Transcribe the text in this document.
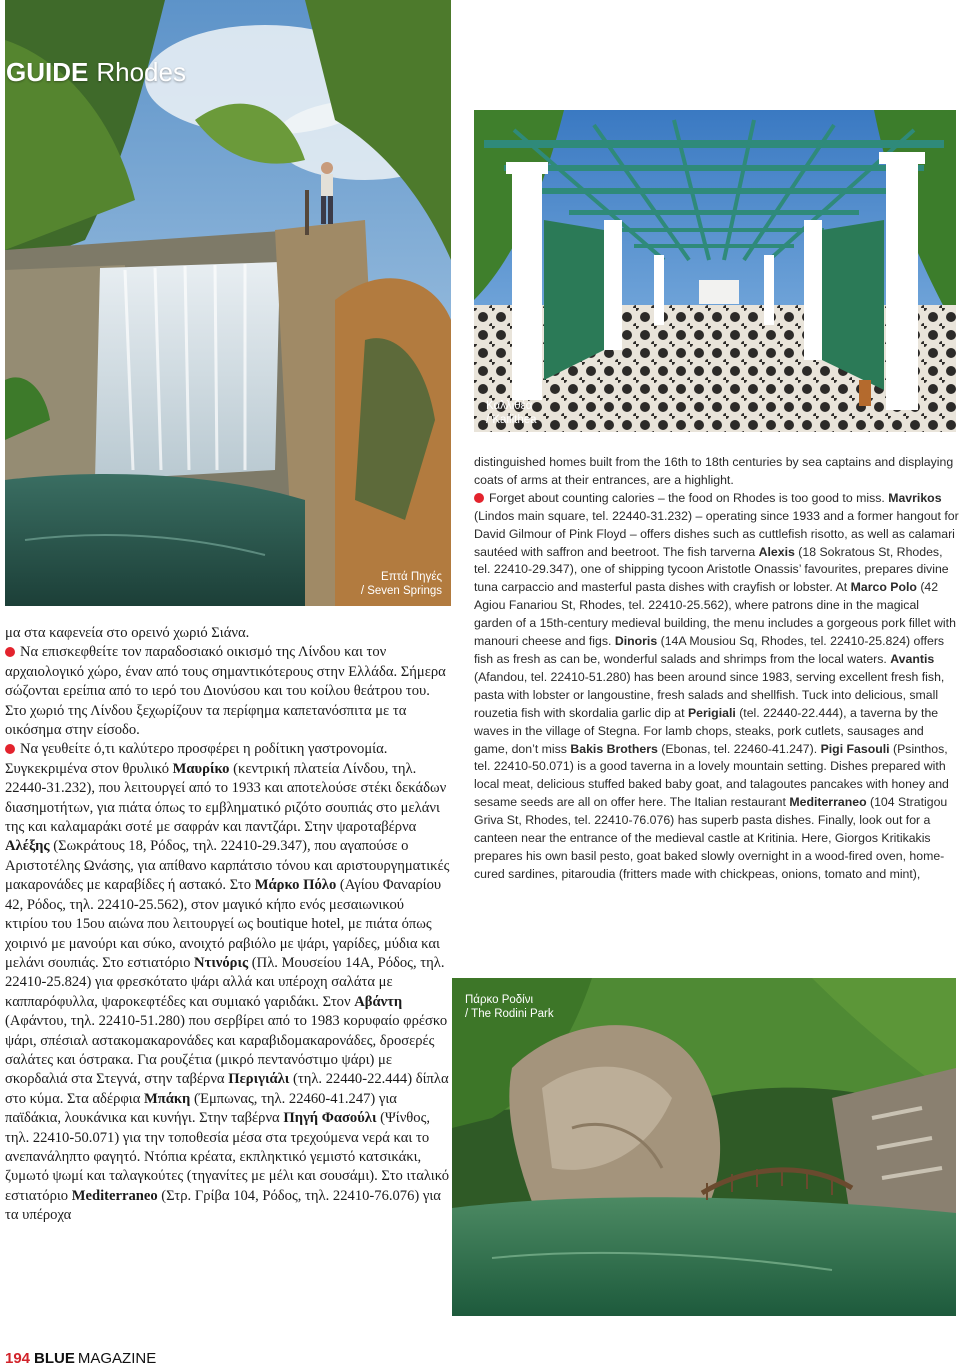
GUIDE Rhodes
Επτά Πηγές
/ Seven Springs
Καλλιθέα
/ Kallithea

μα στα καφενεία στο ορεινό χωριό Σιάνα.

Να επισκεφθείτε τον παραδοσιακό οικισμό της Λίνδου και τον αρχαιολογικό χώρο, έναν από τους σημαντικότερους στην Ελλάδα. Σήμερα σώζονται ερείπια από το ιερό του Διονύσου και του κοίλου θεάτρου του. Στο χωριό της Λίνδου ξεχωρίζουν τα περίφημα καπετανόσπιτα με τα οικόσημα στην είσοδο.

Να γευθείτε ό,τι καλύτερο προσφέρει η ροδίτικη γαστρονομία. Συγκεκριμένα στον θρυλικό Μαυρίκο (κεντρική πλατεία Λίνδου, τηλ. 22440-31.232), που λειτουργεί από το 1933 και αποτελούσε στέκι δεκάδων διασημοτήτων, για πιάτα όπως το εμβληματικό ριζότο σουπιάς στο μελάνι της και καλαμαράκι σοτέ με σαφράν και παντζάρι. Στην ψαροταβέρνα Αλέξης (Σωκράτους 18, Ρόδος, τηλ. 22410-29.347), που αγαπούσε ο Αριστοτέλης Ωνάσης, για απίθανο καρπάτσιο τόνου και αριστουργηματικές μακαρονάδες με καραβίδες ή αστακό. Στο Μάρκο Πόλο (Αγίου Φαναρίου 42, Ρόδος, τηλ. 22410-25.562), στον μαγικό κήπο ενός μεσαιωνικού κτιρίου του 15ου αιώνα που λειτουργεί ως boutique hotel, με πιάτα όπως χοιρινό με μανούρι και σύκο, ανοιχτό ραβιόλο με ψάρι, γαρίδες, μύδια και μελάνι σουπιάς. Στο εστιατόριο Ντινόρις (Πλ. Μουσείου 14Α, Ρόδος, τηλ. 22410-25.824) για φρεσκότατο ψάρι αλλά και υπέροχη σαλάτα με καππαρόφυλλα, ψαροκεφτέδες και συμιακό γαριδάκι. Στον Αβάντη (Αφάντου, τηλ. 22410-51.280) που σερβίρει από το 1983 κορυφαίο φρέσκο ψάρι, σπέσιαλ αστακομακαρονάδες και καραβιδομακαρονάδες, δροσερές σαλάτες και όστρακα. Για ρουζέτια (μικρό πεντανόστιμο ψάρι) με σκορδαλιά στα Στεγνά, στην ταβέρνα Περιγιάλι (τηλ. 22440-22.444) δίπλα στο κύμα. Στα αδέρφια Μπάκη (Έμπωνας, τηλ. 22460-41.247) για παϊδάκια, λουκάνικα και κυνήγι. Στην ταβέρνα Πηγή Φασούλι (Ψίνθος, τηλ. 22410-50.071) για την τοποθεσία μέσα στα τρεχούμενα νερά και το ανεπανάληπτο φαγητό. Ντόπια κρέατα, εκπληκτικό γεμιστό κατσικάκι, ζυμωτό ψωμί και ταλαγκούτες (τηγανίτες με μέλι και σουσάμι). Στο ιταλικό εστιατόριο Mediterraneo (Στρ. Γρίβα 104, Ρόδος, τηλ. 22410-76.076) για τα υπέροχα

distinguished homes built from the 16th to 18th centuries by sea captains and displaying coats of arms at their entrances, are a highlight.

Forget about counting calories – the food on Rhodes is too good to miss. Mavrikos (Lindos main square, tel. 22440-31.232) – operating since 1933 and a former hangout for David Gilmour of Pink Floyd – offers dishes such as cuttlefish risotto, as well as calamari sautéed with saffron and beetroot. The fish tarverna Alexis (18 Sokratous St, Rhodes, tel. 22410-29.347), one of shipping tycoon Aristotle Onassis’ favourites, prepares divine tuna carpaccio and masterful pasta dishes with crayfish or lobster. At Marco Polo (42 Agiou Fanariou St, Rhodes, tel. 22410-25.562), where patrons dine in the magical garden of a 15th-century medieval building, the menu includes a gorgeous pork fillet with manouri cheese and figs. Dinoris (14A Mousiou Sq, Rhodes, tel. 22410-25.824) offers fish as fresh as can be, wonderful salads and shrimps from the local waters. Avantis (Afandou, tel. 22410-51.280) has been around since 1983, serving excellent fresh fish, pasta with lobster or langoustine, fresh salads and shellfish. Tuck into delicious, small rouzetia fish with skordalia garlic dip at Perigiali (tel. 22440-22.444), a taverna by the waves in the village of Stegna. For lamb chops, steaks, pork cutlets, sausages and game, don’t miss Bakis Brothers (Ebonas, tel. 22460-41.247). Pigi Fasouli (Psinthos, tel. 22410-50.071) is a good taverna in a lovely mountain setting. Dishes prepared with local meat, delicious stuffed baked baby goat, and talagoutes pancakes with honey and sesame seeds are all on offer here. The Italian restaurant Mediterraneo (104 Stratigou Griva St, Rhodes, tel. 22410-76.076) has superb pasta dishes. Finally, look out for a canteen near the entrance of the medieval castle at Kritinia. Here, Giorgos Kritikakis prepares his own basil pesto, goat baked slowly overnight in a wood-fired oven, home-cured sardines, pitaroudia (fritters made with chickpeas, onions, tomato and mint),

Πάρκο Ροδίνι
/ The Rodini Park
194 BLUE MAGAZINE
